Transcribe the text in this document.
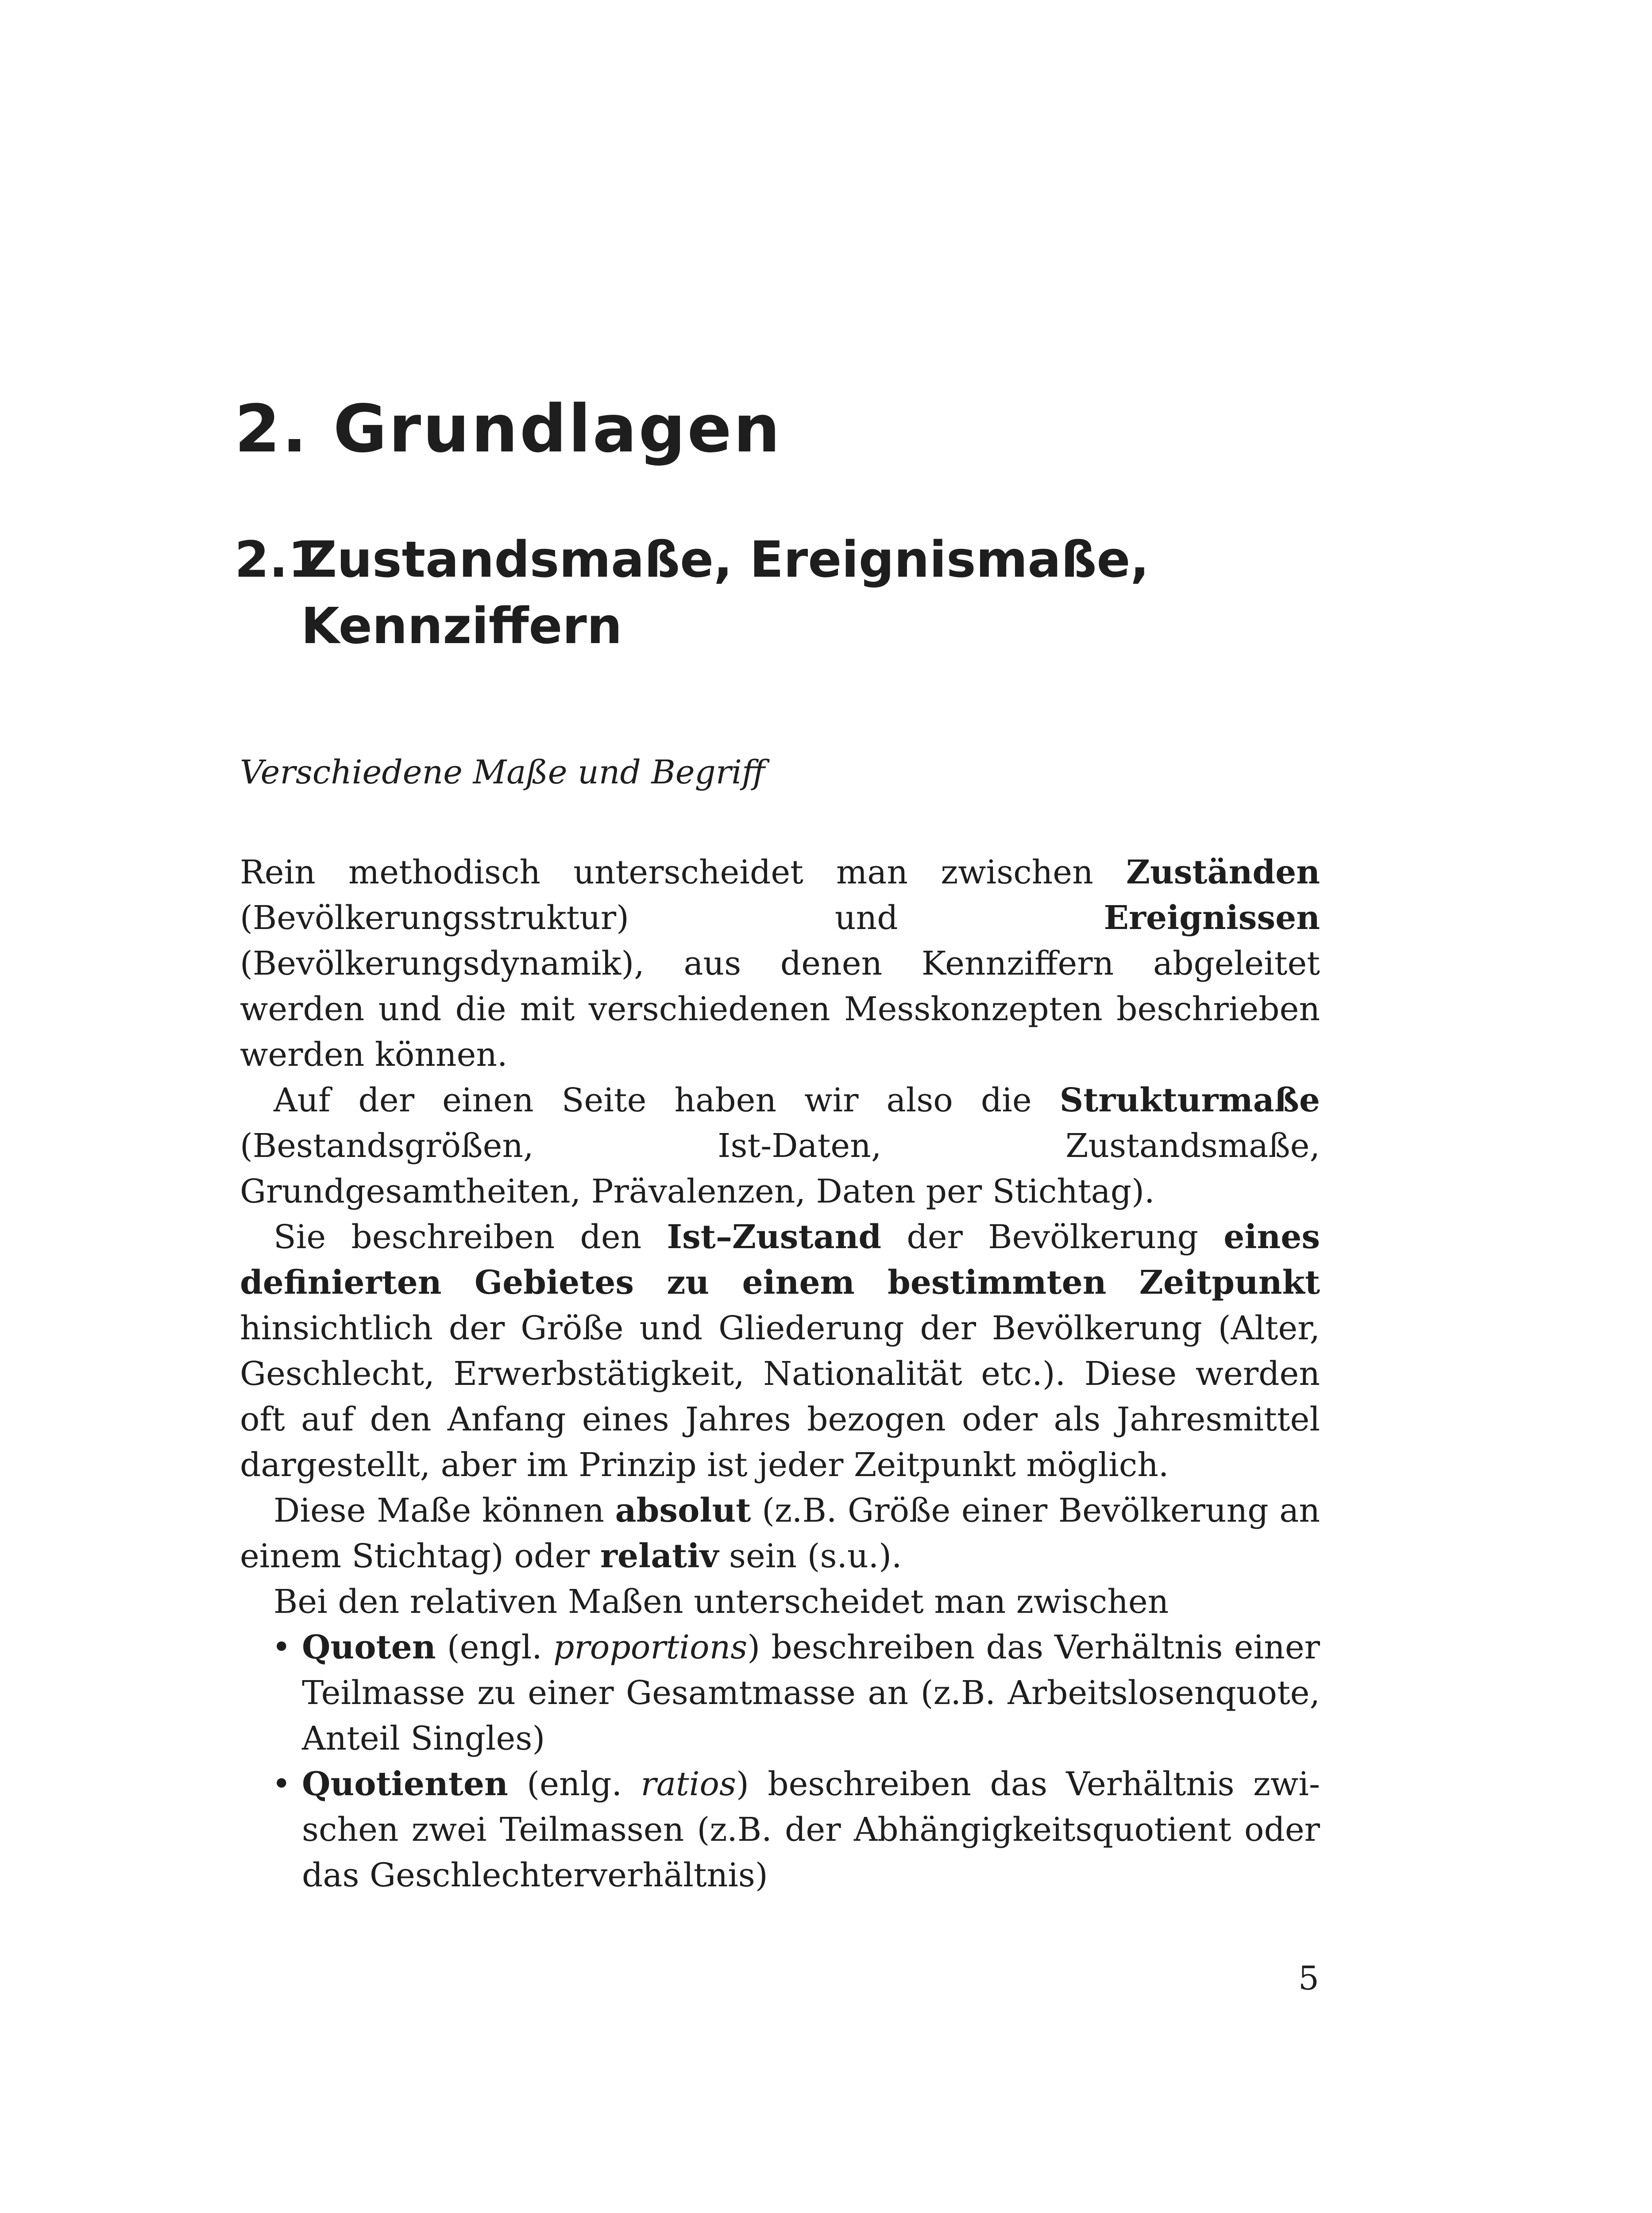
2. Grundlagen
2.1Zustandsmaße, Ereignismaße,
Kennziffern
Verschiedene Maße und Begriff

Rein methodisch unterscheidet man zwischen Zuständen (Bevölkerungsstruktur) und Ereignissen (Bevölkerungsdynamik), aus denen Kennziffern abgeleitet werden und die mit verschiedenen Messkonzepten beschrieben werden können.

Auf der einen Seite haben wir also die Strukturmaße (Bestandsgrößen, Ist-Daten, Zustandsmaße, Grundgesamtheiten, Prävalenzen, Daten per Stichtag).

Sie beschreiben den Ist–Zustand der Bevölkerung eines definierten Gebietes zu einem bestimmten Zeitpunkt hinsichtlich der Größe und Gliederung der Bevölkerung (Alter, Geschlecht, Erwerbstätigkeit, Nationalität etc.). Diese werden oft auf den Anfang eines Jahres bezogen oder als Jahresmittel dargestellt, aber im Prinzip ist jeder Zeitpunkt möglich.

Diese Maße können absolut (z.B. Größe einer Bevölkerung an einem Stichtag) oder relativ sein (s.u.).

Bei den relativen Maßen unterscheidet man zwischen

• Quoten (engl. proportions) beschreiben das Verhältnis einer Teilmasse zu einer Gesamtmasse an (z.B. Arbeitslosenquote, Anteil Singles)
• Quotienten (enlg. ratios) beschreiben das Verhältnis zwischen zwei Teilmassen (z.B. der Abhängigkeitsquotient oder das Geschlechterverhältnis)
5
